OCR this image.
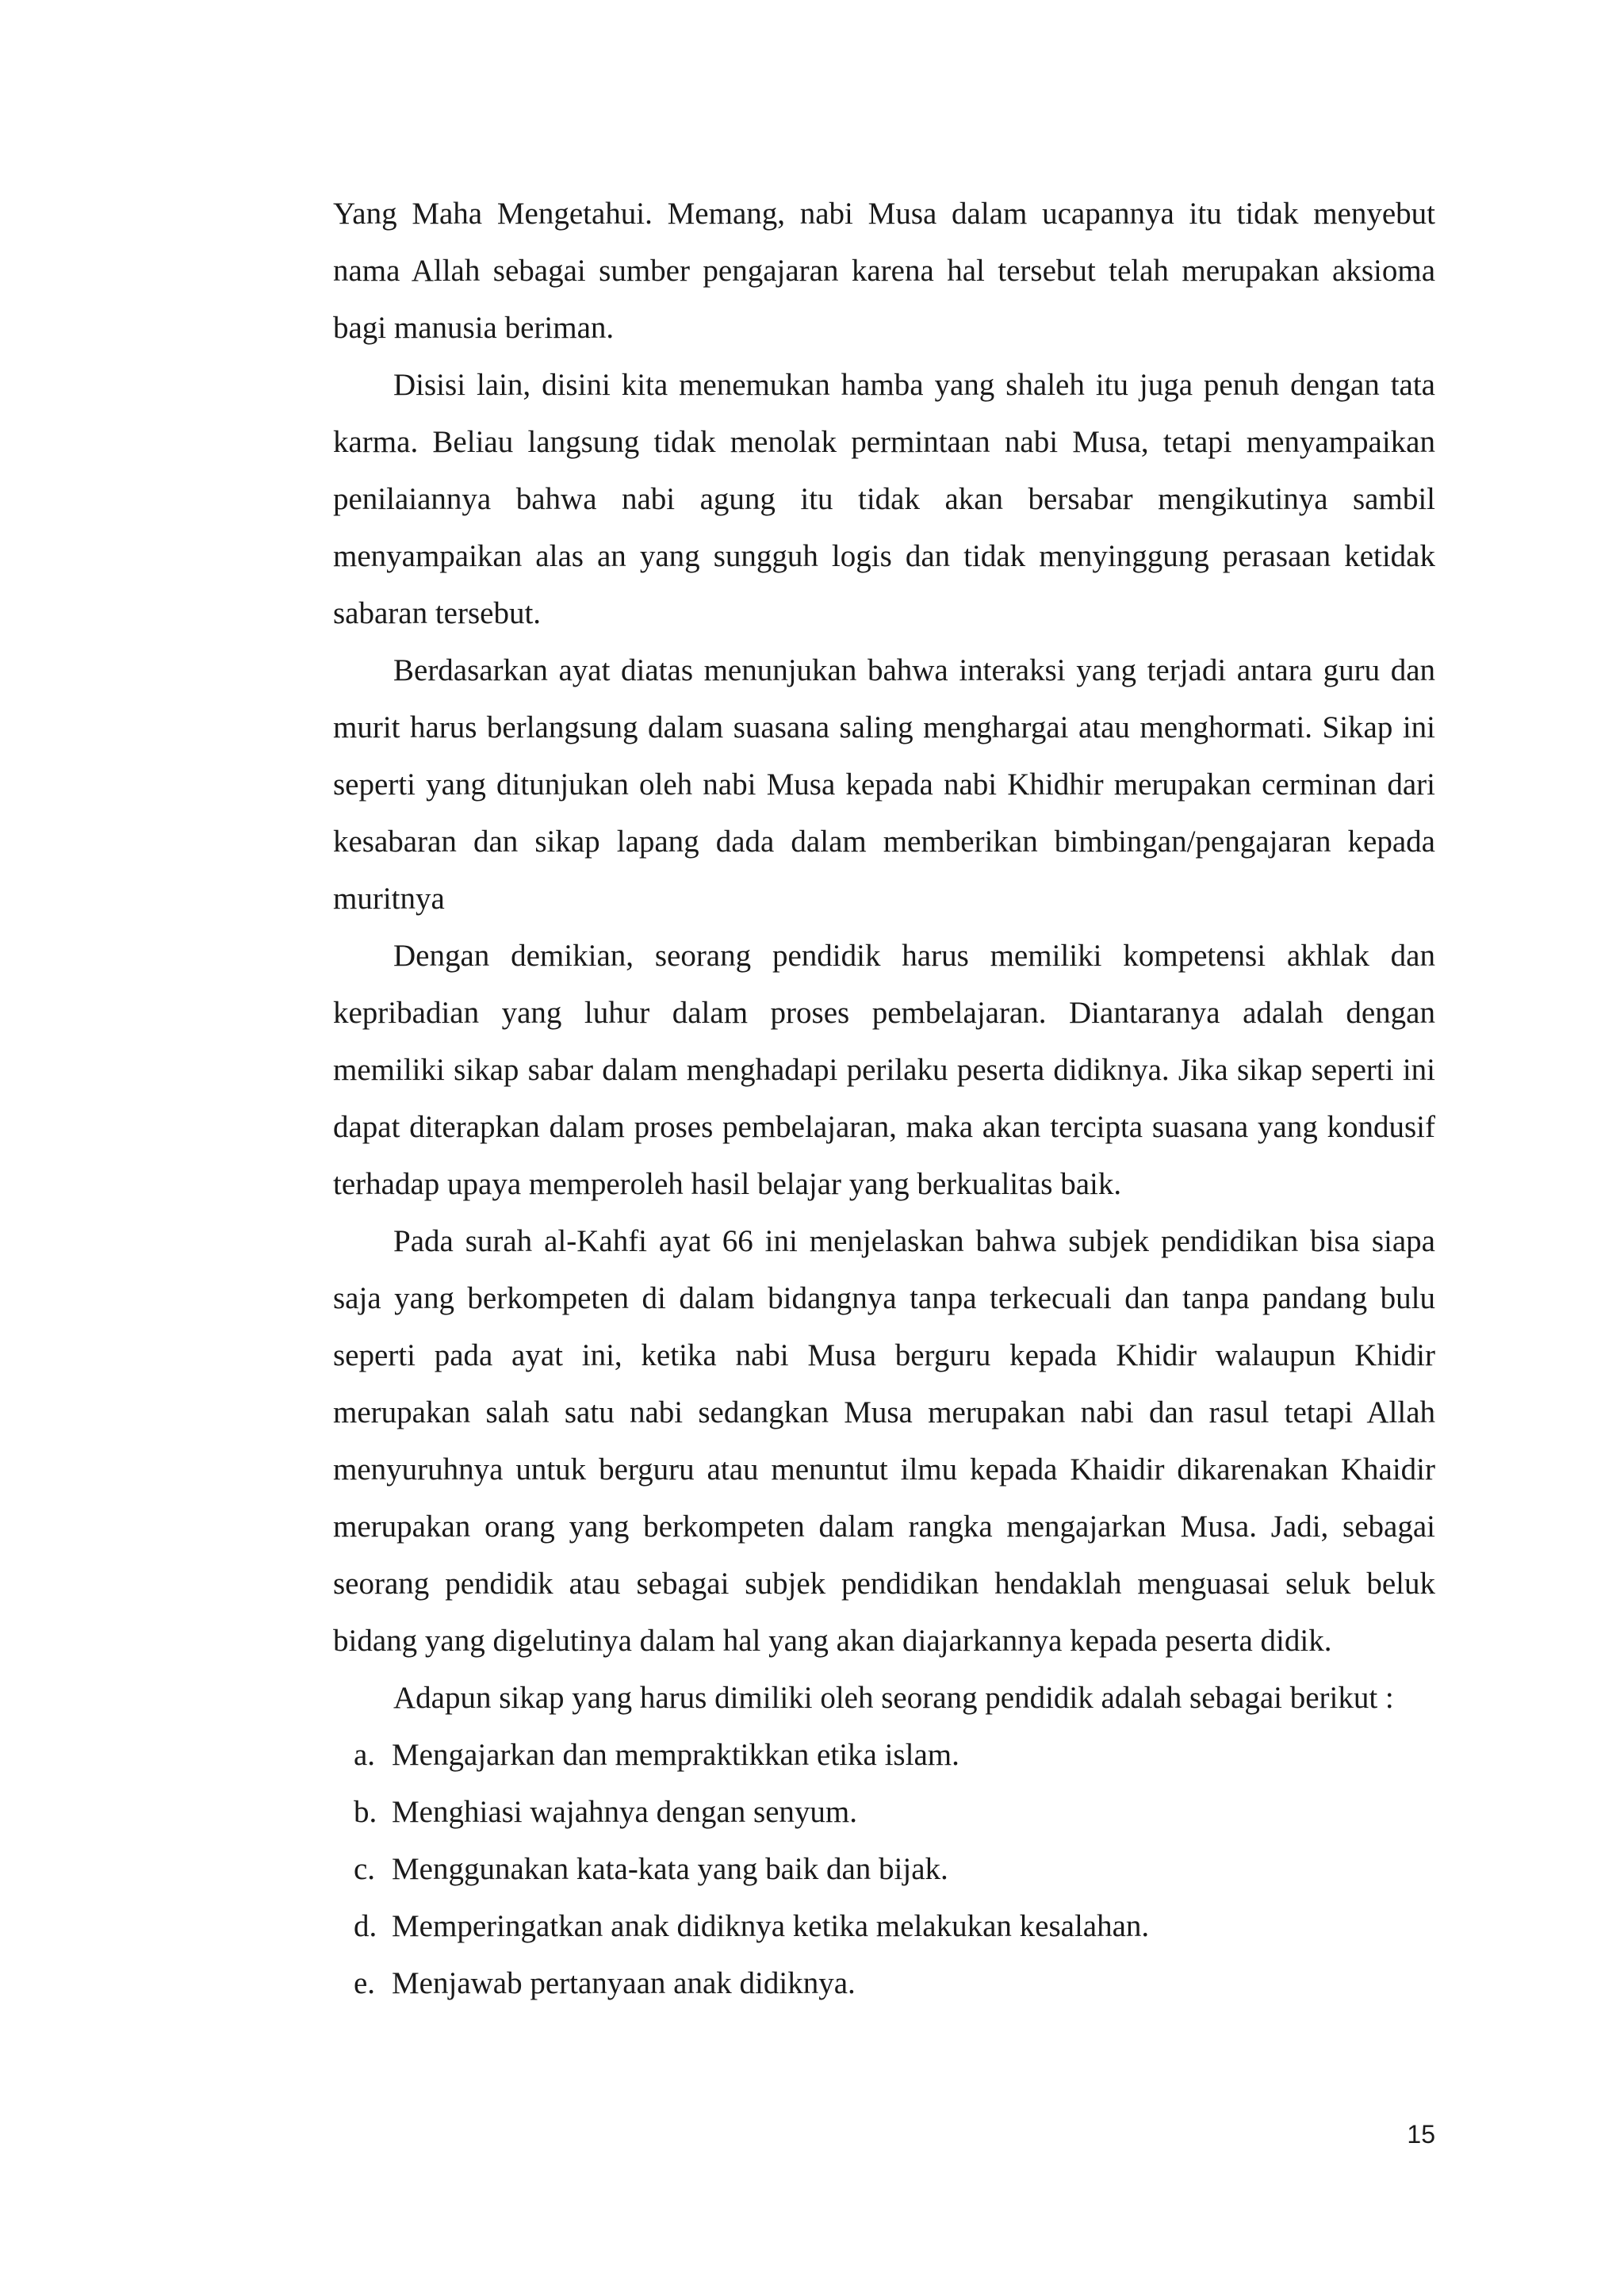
Yang Maha Mengetahui. Memang, nabi Musa dalam ucapannya itu tidak menyebut nama Allah sebagai sumber pengajaran karena hal tersebut telah merupakan aksioma bagi manusia beriman.

Disisi lain, disini kita menemukan hamba yang shaleh itu juga penuh dengan tata karma. Beliau langsung tidak menolak permintaan nabi Musa, tetapi menyampaikan penilaiannya bahwa nabi agung itu tidak akan bersabar mengikutinya sambil menyampaikan alas an yang sungguh logis dan tidak menyinggung perasaan ketidak sabaran tersebut.

Berdasarkan ayat diatas menunjukan bahwa interaksi yang terjadi antara guru dan murit harus berlangsung dalam suasana saling menghargai atau menghormati. Sikap ini seperti yang ditunjukan oleh nabi Musa kepada nabi Khidhir merupakan cerminan dari kesabaran dan sikap lapang dada dalam memberikan bimbingan/pengajaran kepada muritnya

Dengan demikian, seorang pendidik harus memiliki kompetensi akhlak dan kepribadian yang luhur dalam proses pembelajaran. Diantaranya adalah dengan memiliki sikap sabar dalam menghadapi perilaku peserta didiknya. Jika sikap seperti ini dapat diterapkan dalam proses pembelajaran, maka akan tercipta suasana yang kondusif terhadap upaya memperoleh hasil belajar yang berkualitas baik.

Pada surah al-Kahfi ayat 66 ini menjelaskan bahwa subjek pendidikan bisa siapa saja yang berkompeten di dalam bidangnya tanpa terkecuali dan tanpa pandang bulu seperti pada ayat ini, ketika nabi Musa berguru kepada Khidir walaupun Khidir merupakan salah satu nabi sedangkan Musa merupakan nabi dan rasul tetapi Allah menyuruhnya untuk berguru atau menuntut ilmu kepada Khaidir dikarenakan Khaidir merupakan orang yang berkompeten dalam rangka mengajarkan Musa. Jadi, sebagai seorang pendidik atau sebagai subjek pendidikan hendaklah menguasai seluk beluk bidang yang digelutinya dalam hal yang akan diajarkannya kepada peserta didik.

Adapun sikap yang harus dimiliki oleh seorang pendidik adalah sebagai berikut :

a. Mengajarkan dan mempraktikkan etika islam.
b. Menghiasi wajahnya dengan senyum.
c. Menggunakan kata-kata yang baik dan bijak.
d. Memperingatkan anak didiknya ketika melakukan kesalahan.
e. Menjawab pertanyaan anak didiknya.
15
